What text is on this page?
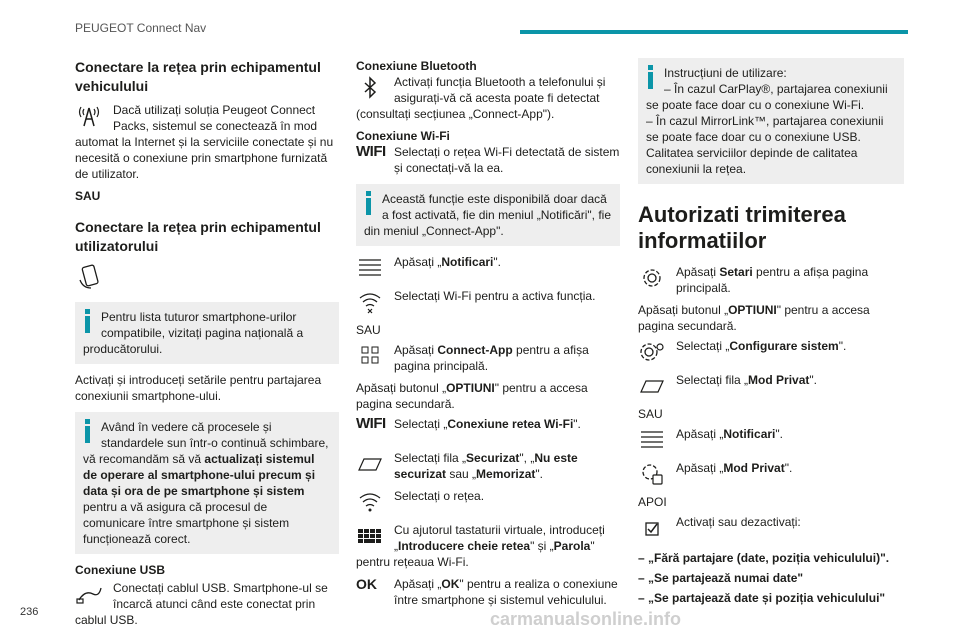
PEUGEOT Connect Nav
Conectare la rețea prin echipamentul vehiculului
Dacă utilizați soluția Peugeot Connect Packs, sistemul se conectează în mod automat la Internet și la serviciile conectate și nu necesită o conexiune prin smartphone furnizată de utilizator.
SAU
Conectare la rețea prin echipamentul utilizatorului
Pentru lista tuturor smartphone-urilor compatibile, vizitați pagina națională a producătorului.
Activați și introduceți setările pentru partajarea conexiunii smartphone-ului.
Având în vedere că procesele și standardele sun într-o continuă schimbare, vă recomandăm să vă actualizați sistemul de operare al smartphone-ului precum și data și ora de pe smartphone și sistem pentru a vă asigura că procesul de comunicare între smartphone și sistem funcționează corect.
Conexiune USB
Conectați cablul USB. Smartphone-ul se încarcă atunci când este conectat prin cablul USB.
Conexiune Bluetooth
Activați funcția Bluetooth a telefonului și asigurați-vă că acesta poate fi detectat (consultați secțiunea „Connect-App").
Conexiune Wi-Fi
WIFI Selectați o rețea Wi-Fi detectată de sistem și conectați-vă la ea.
Această funcție este disponibilă doar dacă a fost activată, fie din meniul „Notificări", fie din meniul „Connect-App".
Apăsați „Notificari".
Selectați Wi-Fi pentru a activa funcția.
SAU
Apăsați Connect-App pentru a afișa pagina principală.
Apăsați butonul „OPTIUNI" pentru a accesa pagina secundară.
WIFI Selectați „Conexiune retea Wi-Fi".
Selectați fila „Securizat", „Nu este securizat sau „Memorizat".
Selectați o rețea.
Cu ajutorul tastaturii virtuale, introduceți „Introducere cheie retea" și „Parola" pentru rețeaua Wi-Fi.
OK	Apăsați „OK" pentru a realiza o conexiune între smartphone și sistemul vehiculului.
Instrucțiuni de utilizare:
– În cazul CarPlay®, partajarea conexiunii se poate face doar cu o conexiune Wi-Fi.
– În cazul MirrorLink™, partajarea conexiunii se poate face doar cu o conexiune USB.
Calitatea serviciilor depinde de calitatea conexiunii la rețea.
Autorizati trimiterea informatiilor
Apăsați Setari pentru a afișa pagina principală.
Apăsați butonul „OPTIUNI" pentru a accesa pagina secundară.
Selectați „Configurare sistem".
Selectați fila „Mod Privat".
SAU
Apăsați „Notificari".
Apăsați „Mod Privat".
APOI
Activați sau dezactivați:
– „Fără partajare (date, poziția vehiculului)".
– „Se partajează numai date"
– „Se partajează date și poziția vehiculului"
236	carmanualsonline.info
